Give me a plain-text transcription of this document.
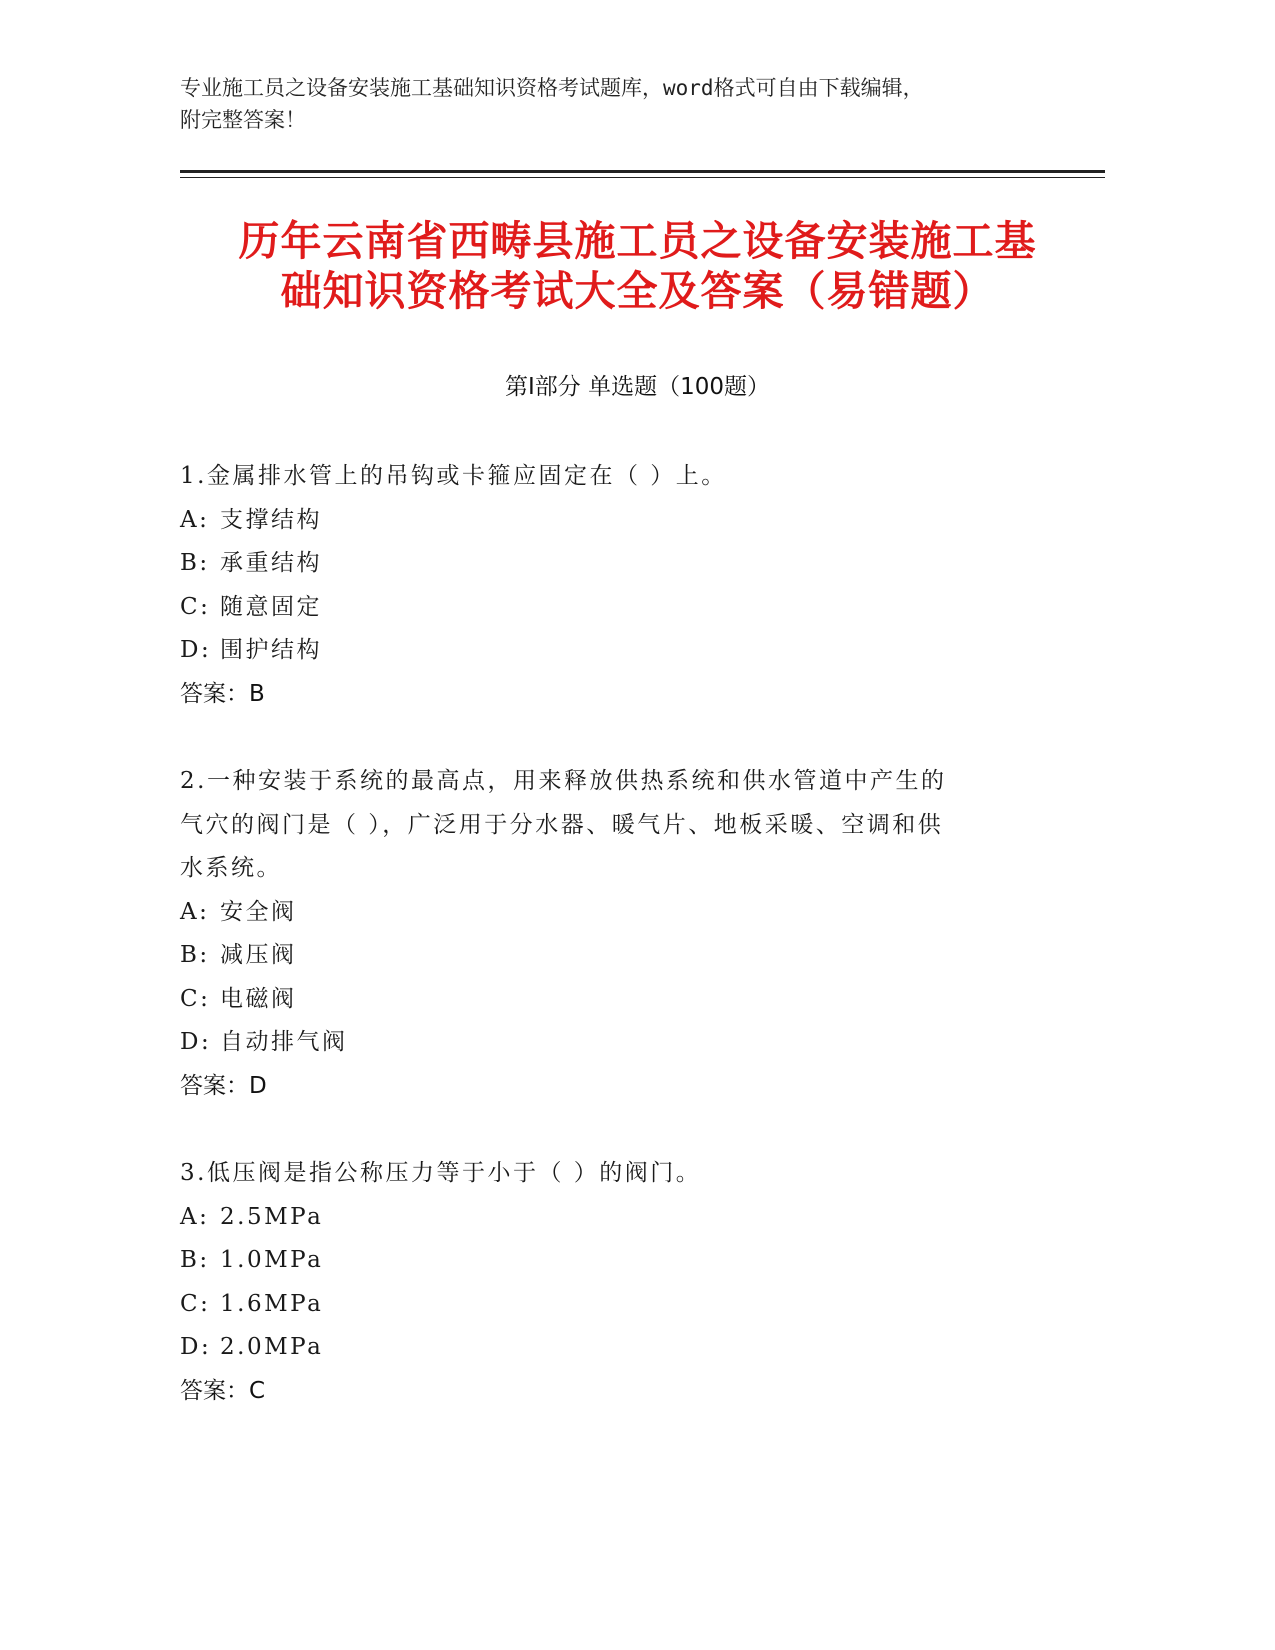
专业施工员之设备安装施工基础知识资格考试题库，word格式可自由下载编辑，
附完整答案！
历年云南省西畴县施工员之设备安装施工基
础知识资格考试大全及答案（易错题）
第Ⅰ部分 单选题（100题）
1.金属排水管上的吊钩或卡箍应固定在（ ）上。
A: 支撑结构
B: 承重结构
C: 随意固定
D: 围护结构
答案：B
2.一种安装于系统的最高点，用来释放供热系统和供水管道中产生的
气穴的阀门是（ ），广泛用于分水器、暖气片、地板采暖、空调和供
水系统。
A: 安全阀
B: 减压阀
C: 电磁阀
D: 自动排气阀
答案：D
3.低压阀是指公称压力等于小于（ ）的阀门。
A: 2.5MPa
B: 1.0MPa
C: 1.6MPa
D: 2.0MPa
答案：C
